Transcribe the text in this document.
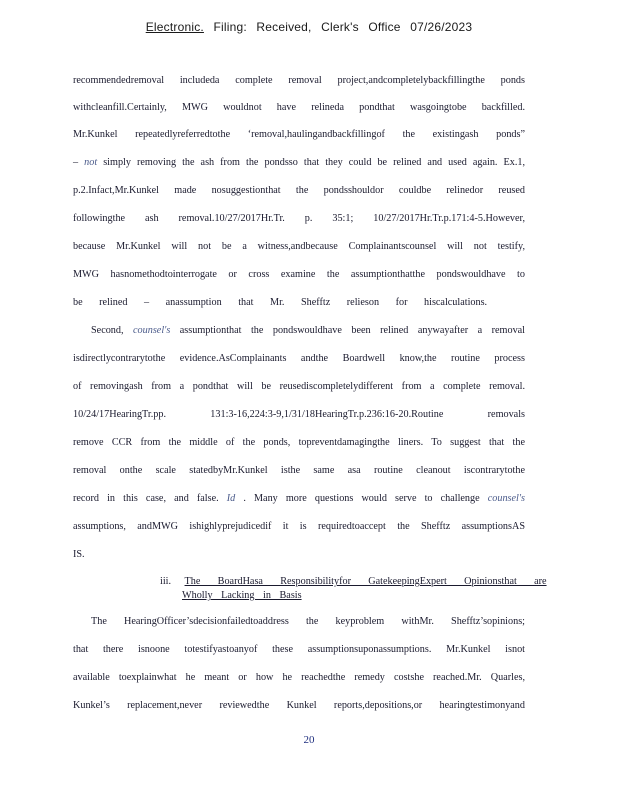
Electronic. Filing: Received, Clerk's Office 07/26/2023
recommendedremoval includeda complete removal project,andcompletelybackfillingthe ponds
withcleanfill.Certainly, MWG wouldnot have relineda pondthat wasgoingtobe backfilled.
Mr.Kunkel repeatedlyreferredtothe ‘removal,haulingandbackfillingof the existingash ponds”
– not simply removing the ash from the pondsso that they could be relined and used again. Ex.1,
p.2.Infact,Mr.Kunkel made nosuggestionthat the pondsshouldor couldbe relinedor reused
followingthe ash removal.10/27/2017Hr.Tr. p. 35:1; 10/27/2017Hr.Tr.p.171:4-5.However,
because Mr.Kunkel will not be a witness,andbecause Complainantscounsel will not testify,
MWG hasnomethodtointerrogate or cross examine the assumptionthatthe pondswouldhave to
be relined – anassumption that Mr. Shefftz relieson for hiscalculations.
Second, counsel's assumptionthat the pondswouldhave been relined anywayafter a removal
isdirectlycontrarytothe evidence.AsComplainants andthe Boardwell know,the routine process
of removingash from a pondthat will be reusediscompletelydifferent from a complete removal.
10/24/17HearingTr.pp. 131:3-16,224:3-9,1/31/18HearingTr.p.236:16-20.Routine removals
remove CCR from the middle of the ponds, topreventdamagingthe liners. To suggest that the
removal onthe scale statedbyMr.Kunkel isthe same asa routine cleanout iscontrarytothe
record in this case, and false. Id . Many more questions would serve to challenge counsel's
assumptions, andMWG ishighlyprejudicedif it is requiredtoaccept the Shefftz assumptionsAS
IS.
iii. The BoardHasa Responsibilityfor GatekeepingExpert Opinionsthat are
Wholly Lacking in Basis
The HearingOfficer’sdecisionfailedtoaddress the keyproblem withMr. Shefftz’sopinions;
that there isnoone totestifyastoanyof these assumptionsuponassumptions. Mr.Kunkel isnot
available toexplainwhat he meant or how he reachedthe remedy costshe reached.Mr. Quarles,
Kunkel’s replacement,never reviewedthe Kunkel reports,depositions,or hearingtestimonyand
20
